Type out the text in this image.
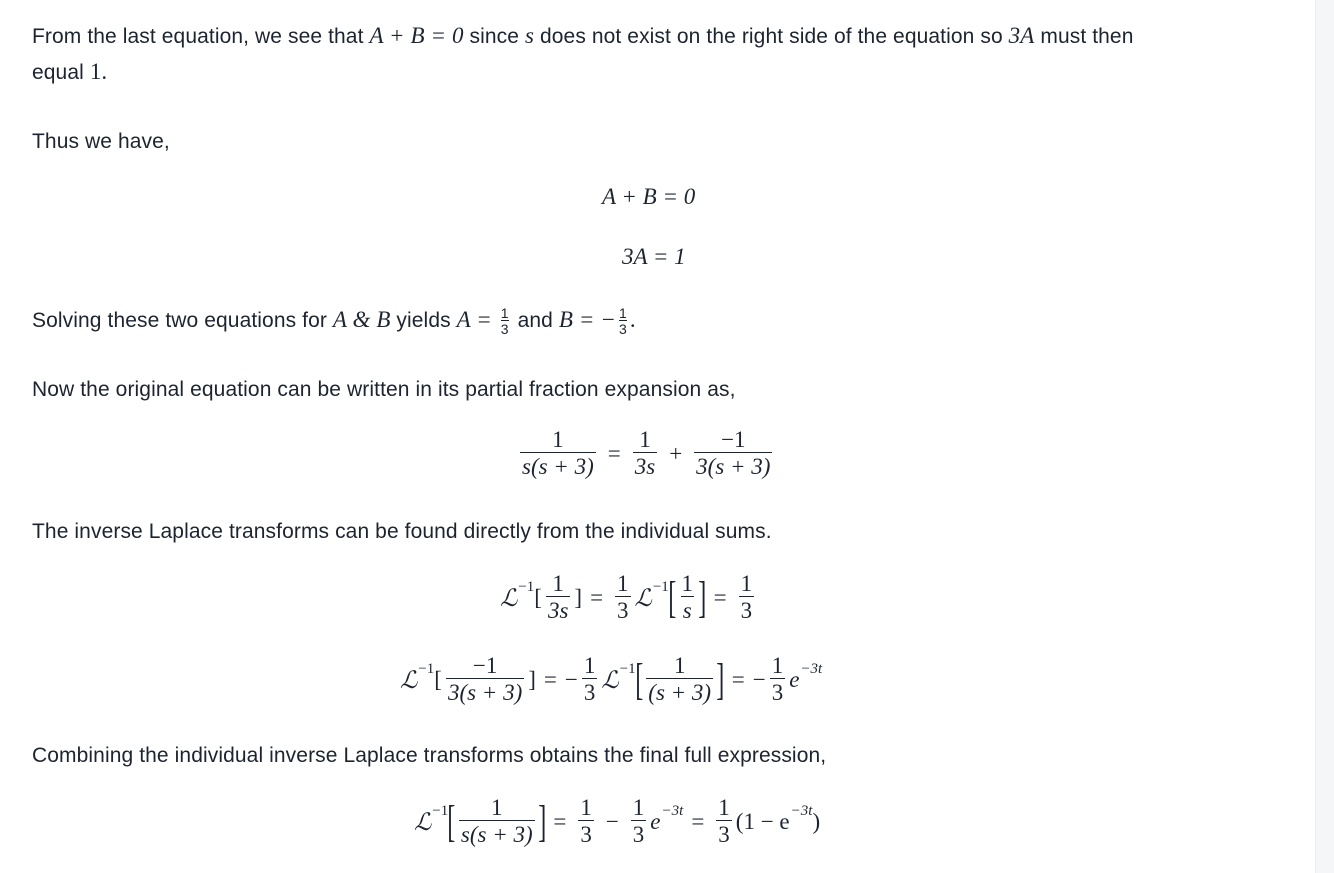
From the last equation, we see that A + B = 0 since s does not exist on the right side of the equation so 3A must then
equal 1.
Thus we have,
A + B = 0
3A = 1
Solving these two equations for A & B yields $A = \frac{1}{3}$ and B = − $\frac{1}{3}$ .
Now the original equation can be written in its partial fraction expansion as,
$\frac{1}{s(s + 3)} = \frac{1}{3s} + \frac{-1}{3(s + 3)}$
The inverse Laplace transforms can be found directly from the individual sums.
ℒ −1 [ $\frac{1}{3s}$ ] = $\frac{1}{3}$ ℒ −1 [ $\frac{1}{s}$ ] = $\frac{1}{3}$
ℒ −1 [ $\frac{-1}{3(s + 3)}$ ] = − $\frac{1}{3}$ ℒ −1 [ $\frac{1}{(s + 3)}$ ] = − $\frac{1}{3}$ e −3t
Combining the individual inverse Laplace transforms obtains the final full expression,
ℒ −1 [ $\frac{1}{s(s + 3)}$ ] = $\frac{1}{3} - \frac{1}{3}$ $e -3t = \frac{1}{3} (1 - e -3t$ )
